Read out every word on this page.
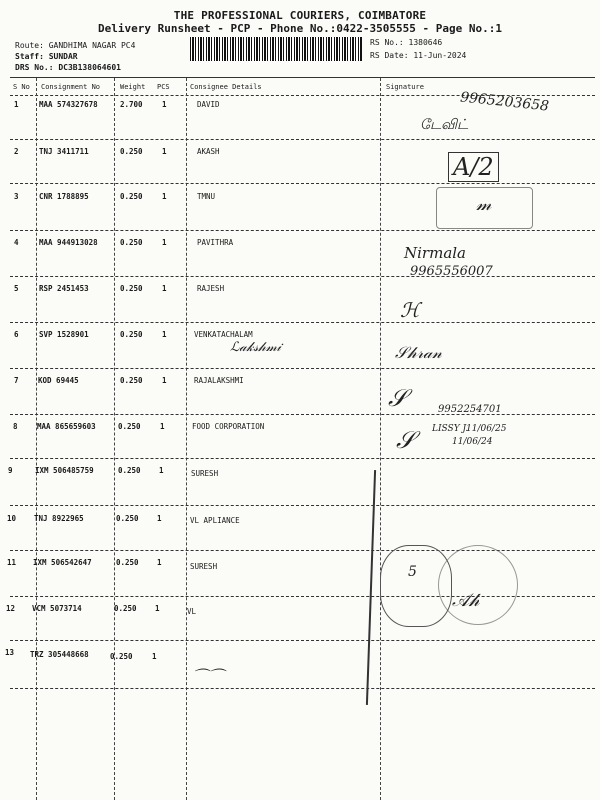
THE PROFESSIONAL COURIERS, COIMBATORE
Delivery Runsheet - PCP - Phone No.:0422-3505555 - Page No.:1
Route: GANDHIMA NAGAR PC4
Staff: SUNDAR
DRS No.: DC3B138064601
RS No.: 1380646
RS Date: 11-Jun-2024
S No Consignment No	Weight PCS	Consignee Details	Signature
1	MAA 574327678	2.700	1	DAVID
2	TNJ 3411711	0.250	1	AKASH
3	CNR 1788895	0.250	1	TMNU
4	MAA 944913028	0.250	1	PAVITHRA
5	RSP 2451453	0.250	1	RAJESH
6	SVP 1528901	0.250	1	VENKATACHALAM
7	KOD 69445	0.250	1	RAJALAKSHMI
8	MAA 865659603	0.250	1	FOOD CORPORATION
9	IXM 506485759	0.250 1	SURESH
10 TNJ 8922965	0.250 1	VL APLIANCE
11 IXM 506542647	0.250 1	SURESH
12 VCM 5073714	0.250 1	VL
13 TRZ 305448668	0.250	1
9965203658
டேவிட்
A/2
𝓂
Nirmala
9965556007
ℋ
ℒ𝒶𝓀𝓈𝒽𝓂𝒾	𝒮𝒽𝓇𝒶𝓃
𝒮	9952254701
𝒮 LISSY J.
11/06/25
11/06/24
5
𝒜𝒽
⌒⌒
